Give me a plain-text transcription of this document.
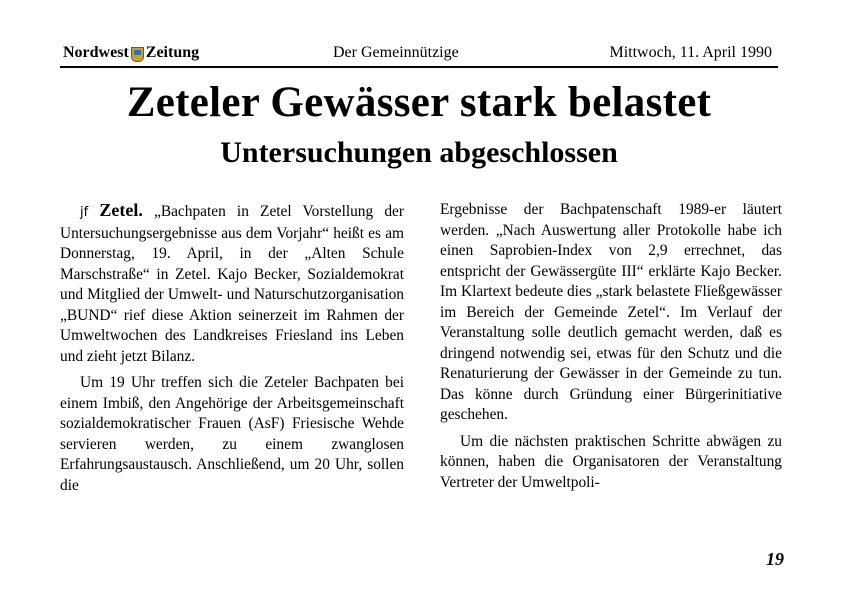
Nordwest Zeitung	Der Gemeinnützige	Mittwoch, 11. April 1990
Zeteler Gewässer stark belastet
Untersuchungen abgeschlossen

jf Zetel. „Bachpaten in Zetel Vorstellung der Untersuchungsergebnisse aus dem Vorjahr“ heißt es am Donnerstag, 19. April, in der „Alten Schule Marschstraße“ in Zetel. Kajo Becker, Sozialdemokrat und Mitglied der Umwelt- und Naturschutzorganisation „BUND“ rief diese Aktion seinerzeit im Rahmen der Umweltwochen des Landkreises Friesland ins Leben und zieht jetzt Bilanz.

Um 19 Uhr treffen sich die Zeteler Bachpaten bei einem Imbiß, den Angehörige der Arbeitsgemeinschaft sozialdemokratischer Frauen (AsF) Friesische Wehde servieren werden, zu einem zwanglosen Erfahrungsaustausch. Anschließend, um 20 Uhr, sollen die

Ergebnisse der Bachpatenschaft 1989-er läutert werden. „Nach Auswertung aller Protokolle habe ich einen Saprobien-Index von 2,9 errechnet, das entspricht der Gewässergüte III“ erklärte Kajo Becker. Im Klartext bedeute dies „stark belastete Fließgewässer im Bereich der Gemeinde Zetel“. Im Verlauf der Veranstaltung solle deutlich gemacht werden, daß es dringend notwendig sei, etwas für den Schutz und die Renaturierung der Gewässer in der Gemeinde zu tun. Das könne durch Gründung einer Bürgerinitiative geschehen.

Um die nächsten praktischen Schritte abwägen zu können, haben die Organisatoren der Veranstaltung Vertreter der Umweltpoli-

19
